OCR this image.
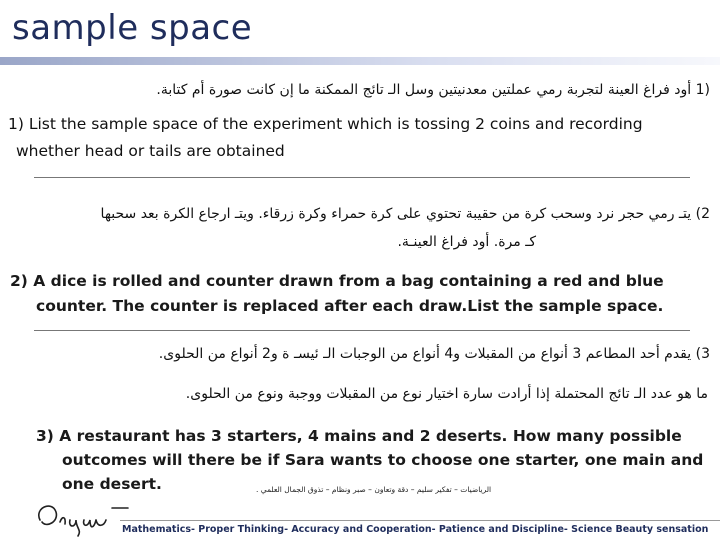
sample space
(1 أود فراغ العينة لتجربة رمي عملتين معدنيتين وسل الـ تائج الممكنة ما إن كانت صورة أم كتابة.
1) List the sample space of the experiment which is tossing 2 coins and recording
whether head or tails are obtained
2) يتـ رمي حجر نرد وسحب كرة من حقيبة تحتوي على كرة حمراء وكرة زرقاء. ويتـ ارجاع الكرة بعد سحبها
كـ مرة. أود فراغ العينـة.
2) A dice is rolled and counter drawn from a bag containing a red and blue
counter. The counter is replaced after each draw.List the sample space.
3) يقدم أحد المطاعم 3 أنواع من المقبلات و4 أنواع من الوجبات الـ ئيسـ ة و2 أنواع من الحلوى.
ما هو عدد الـ تائج المحتملة إذا أرادت سارة اختيار نوع من المقبلات ووجبة ونوع من الحلوى.
3) A restaurant has 3 starters, 4 mains and 2 deserts. How many possible
outcomes will there be if Sara wants to choose one starter, one main and
one desert.	الرياضيات – تفكير سليم – دقة وتعاون – صبر ونظام – تذوق الجمال العلمي .
Mathematics- Proper Thinking- Accuracy and Cooperation- Patience and Discipline- Science Beauty sensation
